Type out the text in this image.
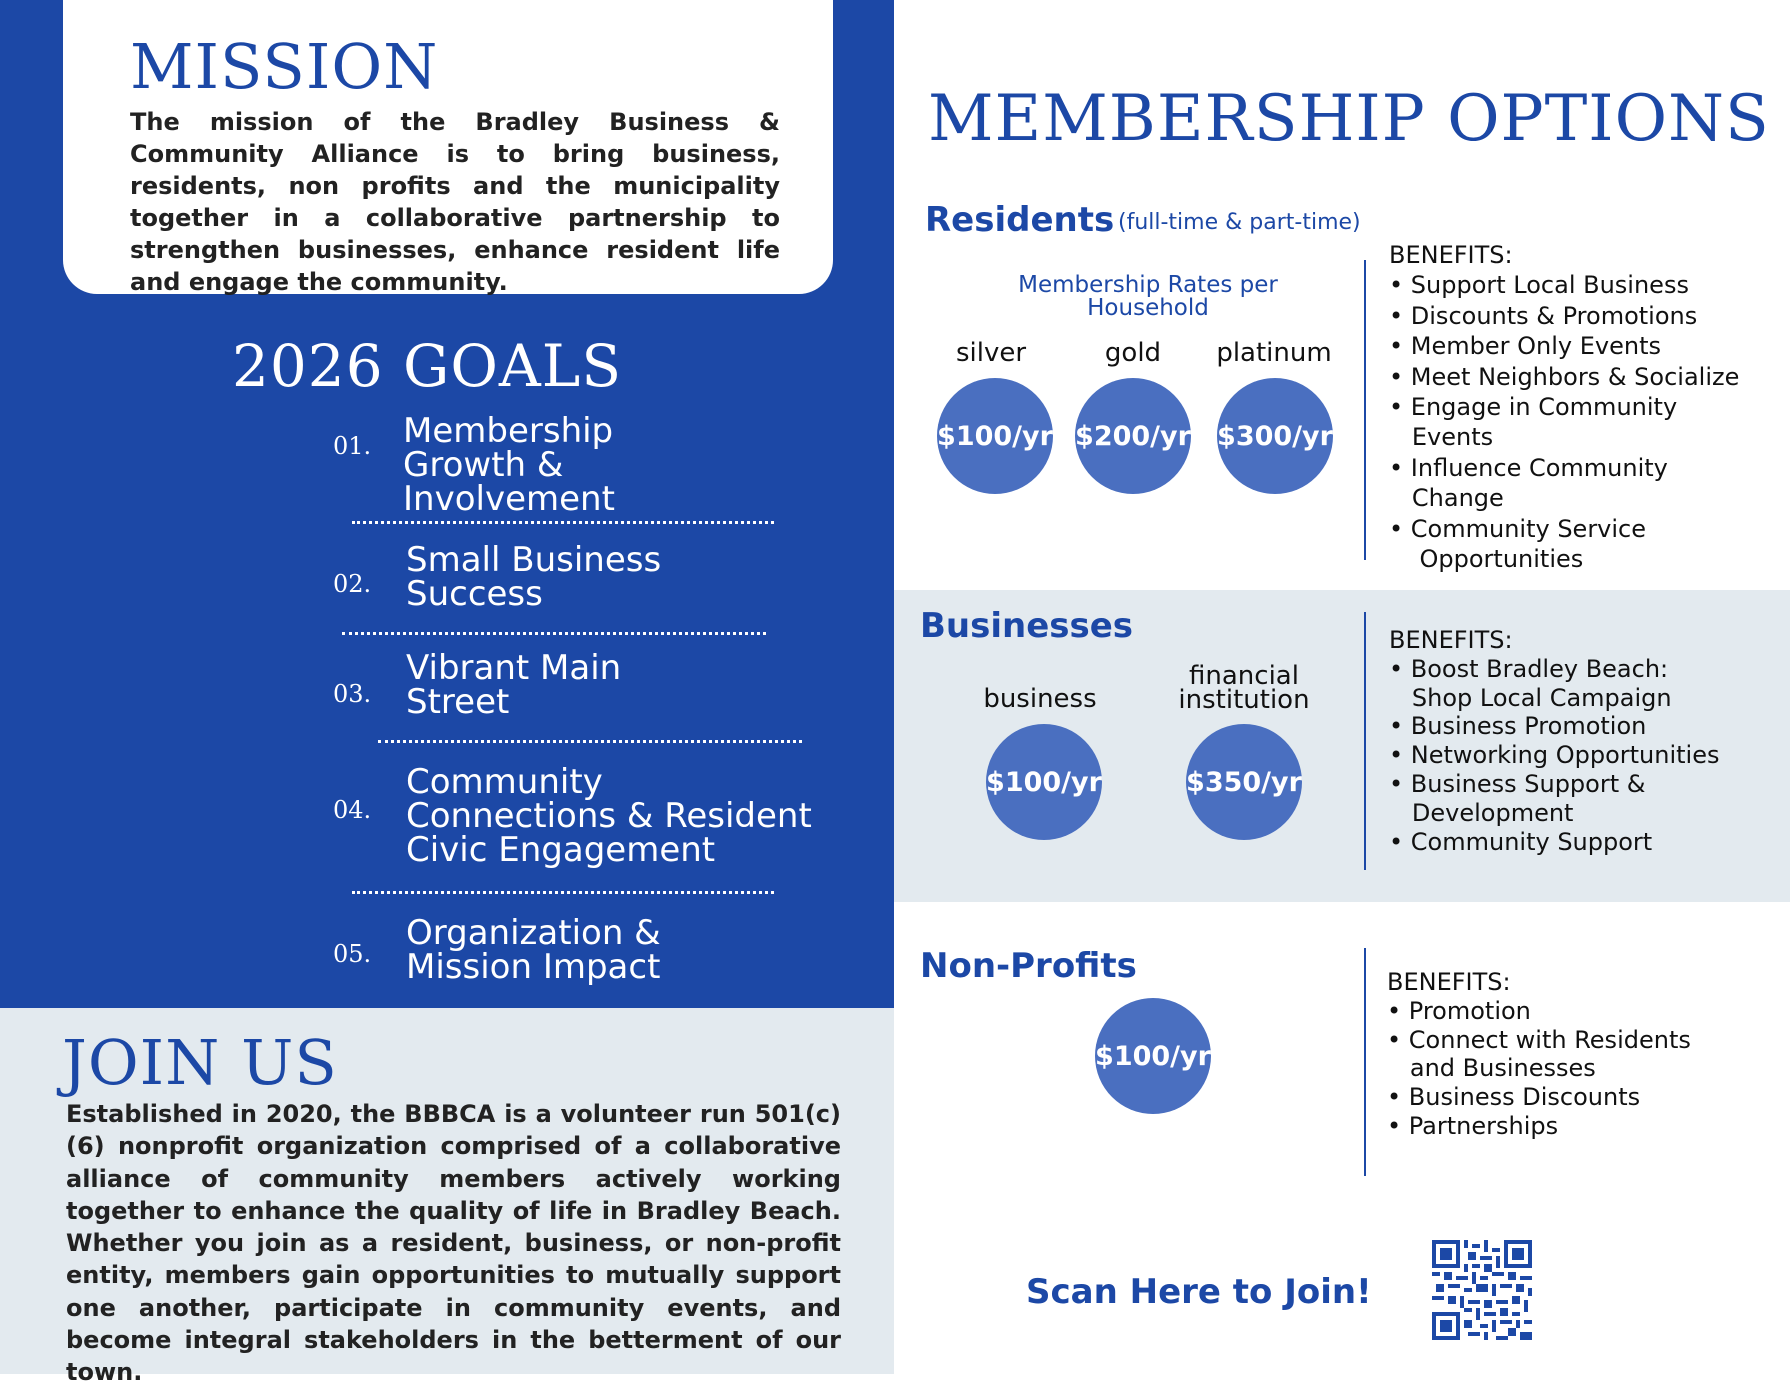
MISSION
The mission of the Bradley Business & Community Alliance is to bring business, residents, non profits and the municipality together in a collaborative partnership to strengthen businesses, enhance resident life and engage the community.
2026 GOALS
01. Membership
Growth &
Involvement
02.
Small Business
Success
03.
Vibrant Main
Street
04.
Community
Connections & Resident
Civic Engagement
05.
Organization &
Mission Impact
JOIN US
Established in 2020, the BBBCA is a volunteer run 501(c)(6) nonprofit organization comprised of a collaborative alliance of community members actively working together to enhance the quality of life in Bradley Beach. Whether you join as a resident, business, or non-profit entity, members gain opportunities to mutually support one another, participate in community events, and become integral stakeholders in the betterment of our town.
MEMBERSHIP OPTIONS
Residents (full-time & part-time)
Membership Rates per
Household
silver	gold	platinum
$100/yr $200/yr $300/yr
BENEFITS:
• Support Local Business
• Discounts & Promotions
• Member Only Events
• Meet Neighbors & Socialize
• Engage in Community
Events
• Influence Community
Change
• Community Service
Opportunities
Businesses
business
financial
institution
$100/yr	$350/yr
BENEFITS:
• Boost Bradley Beach:
Shop Local Campaign
• Business Promotion
• Networking Opportunities
• Business Support &
Development
• Community Support
Non-Profits
$100/yr
BENEFITS:
• Promotion
• Connect with Residents
and Businesses
• Business Discounts
• Partnerships
Scan Here to Join!
